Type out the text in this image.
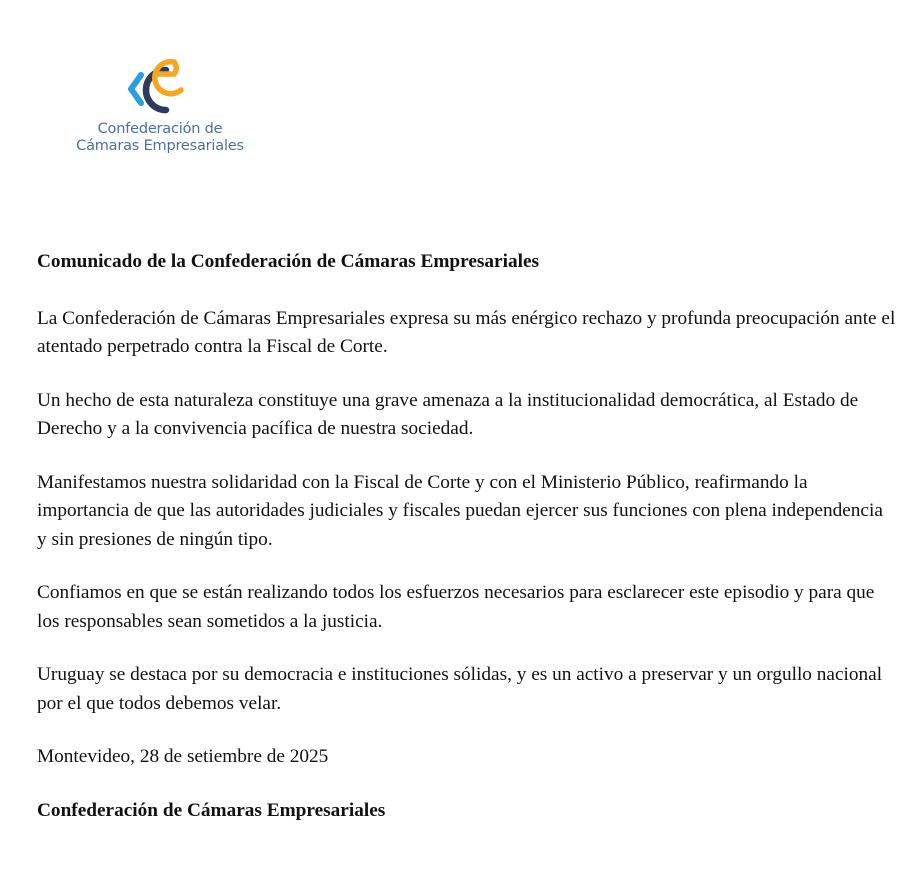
Confederación de
Cámaras Empresariales

Comunicado de la Confederación de Cámaras Empresariales

La Confederación de Cámaras Empresariales expresa su más enérgico rechazo y profunda preocupación ante el atentado perpetrado contra la Fiscal de Corte.

Un hecho de esta naturaleza constituye una grave amenaza a la institucionalidad democrática, al Estado de Derecho y a la convivencia pacífica de nuestra sociedad.

Manifestamos nuestra solidaridad con la Fiscal de Corte y con el Ministerio Público, reafirmando la importancia de que las autoridades judiciales y fiscales puedan ejercer sus funciones con plena independencia y sin presiones de ningún tipo.

Confiamos en que se están realizando todos los esfuerzos necesarios para esclarecer este episodio y para que los responsables sean sometidos a la justicia.

Uruguay se destaca por su democracia e instituciones sólidas, y es un activo a preservar y un orgullo nacional por el que todos debemos velar.

Montevideo, 28 de setiembre de 2025

Confederación de Cámaras Empresariales
